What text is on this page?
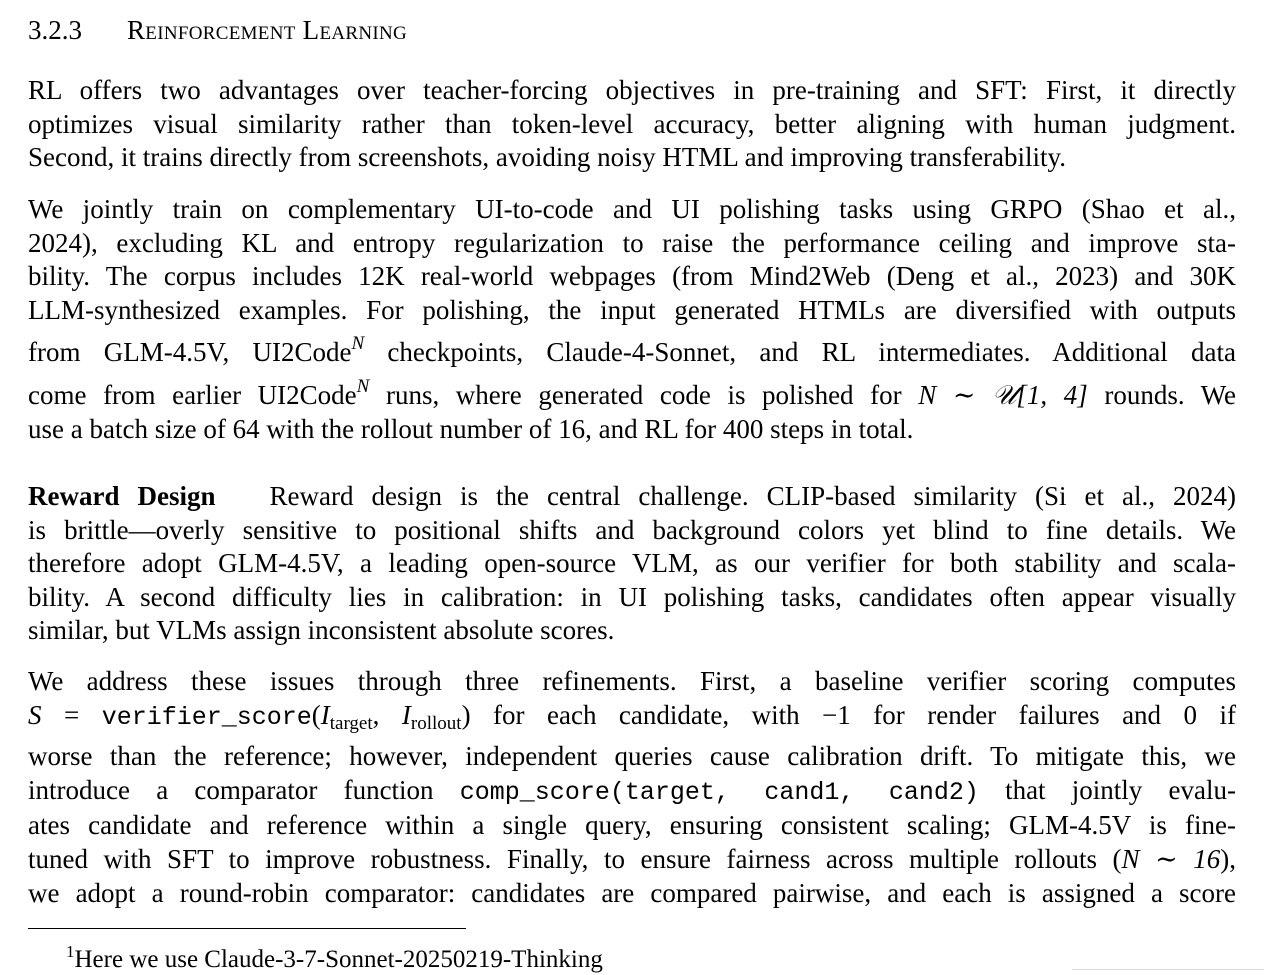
3.2.3 Reinforcement Learning
RL offers two advantages over teacher-forcing objectives in pre-training and SFT: First, it directly
optimizes visual similarity rather than token-level accuracy, better aligning with human judgment.
Second, it trains directly from screenshots, avoiding noisy HTML and improving transferability.
We jointly train on complementary UI-to-code and UI polishing tasks using GRPO (Shao et al.,
2024), excluding KL and entropy regularization to raise the performance ceiling and improve sta-
bility. The corpus includes 12K real-world webpages (from Mind2Web (Deng et al., 2023) and 30K
LLM-synthesized examples. For polishing, the input generated HTMLs are diversified with outputs
from GLM-4.5V, UI2Code$^N$ checkpoints, Claude-4-Sonnet, and RL intermediates. Additional data
come from earlier UI2Code$^N$ runs, where generated code is polished for N ∼ 𝒰[1, 4] rounds. We
use a batch size of 64 with the rollout number of 16, and RL for 400 steps in total.
Reward Design Reward design is the central challenge. CLIP-based similarity (Si et al., 2024)
is brittle—overly sensitive to positional shifts and background colors yet blind to fine details. We
therefore adopt GLM-4.5V, a leading open-source VLM, as our verifier for both stability and scala-
bility. A second difficulty lies in calibration: in UI polishing tasks, candidates often appear visually
similar, but VLMs assign inconsistent absolute scores.
We address these issues through three refinements. First, a baseline verifier scoring computes
$S = verifier\_score(I_{target}$, $I_{rollout}$) for each candidate, with −1 for render failures and 0 if
worse than the reference; however, independent queries cause calibration drift. To mitigate this, we
introduce a comparator function comp_score(target, cand1, cand2) that jointly evalu-
ates candidate and reference within a single query, ensuring consistent scaling; GLM-4.5V is fine-
tuned with SFT to improve robustness. Finally, to ensure fairness across multiple rollouts (N ∼ 16),
we adopt a round-robin comparator: candidates are compared pairwise, and each is assigned a score
$^1$Here we use Claude-3-7-Sonnet-20250219-Thinking
